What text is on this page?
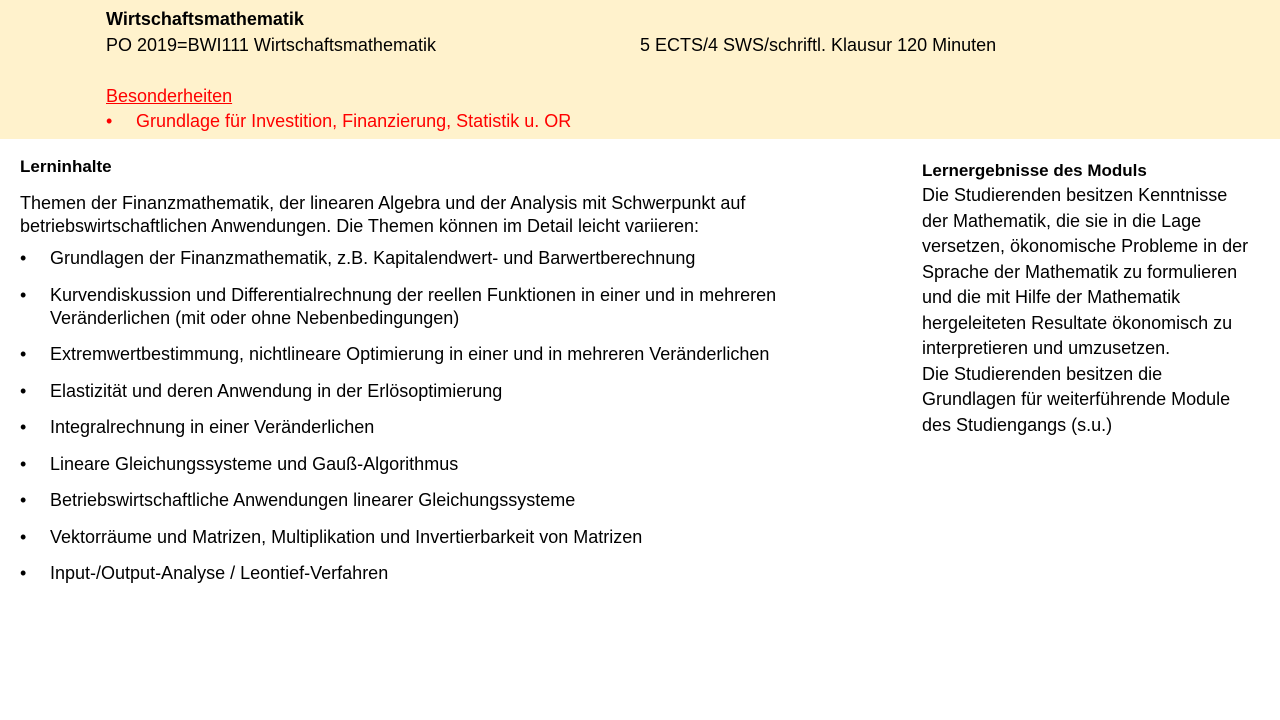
Wirtschaftsmathematik
PO 2019=BWI111 Wirtschaftsmathematik	5 ECTS/4 SWS/schriftl. Klausur 120 Minuten
Besonderheiten
• Grundlage für Investition, Finanzierung, Statistik u. OR
Lerninhalte
Themen der Finanzmathematik, der linearen Algebra und der Analysis mit Schwerpunkt auf betriebswirtschaftlichen Anwendungen. Die Themen können im Detail leicht variieren:
• Grundlagen der Finanzmathematik, z.B. Kapitalendwert- und Barwertberechnung
• Kurvendiskussion und Differentialrechnung der reellen Funktionen in einer und in mehreren Veränderlichen (mit oder ohne Nebenbedingungen)
• Extremwertbestimmung, nichtlineare Optimierung in einer und in mehreren Veränderlichen
• Elastizität und deren Anwendung in der Erlösoptimierung
• Integralrechnung in einer Veränderlichen
• Lineare Gleichungssysteme und Gauß-Algorithmus
• Betriebswirtschaftliche Anwendungen linearer Gleichungssysteme
• Vektorräume und Matrizen, Multiplikation und Invertierbarkeit von Matrizen
• Input-/Output-Analyse / Leontief-Verfahren
Lernergebnisse des Moduls

Die Studierenden besitzen Kenntnisse der Mathematik, die sie in die Lage versetzen, ökonomische Probleme in der Sprache der Mathematik zu formulieren und die mit Hilfe der Mathematik hergeleiteten Resultate ökonomisch zu interpretieren und umzusetzen.

Die Studierenden besitzen die Grundlagen für weiterführende Module des Studiengangs (s.u.)
